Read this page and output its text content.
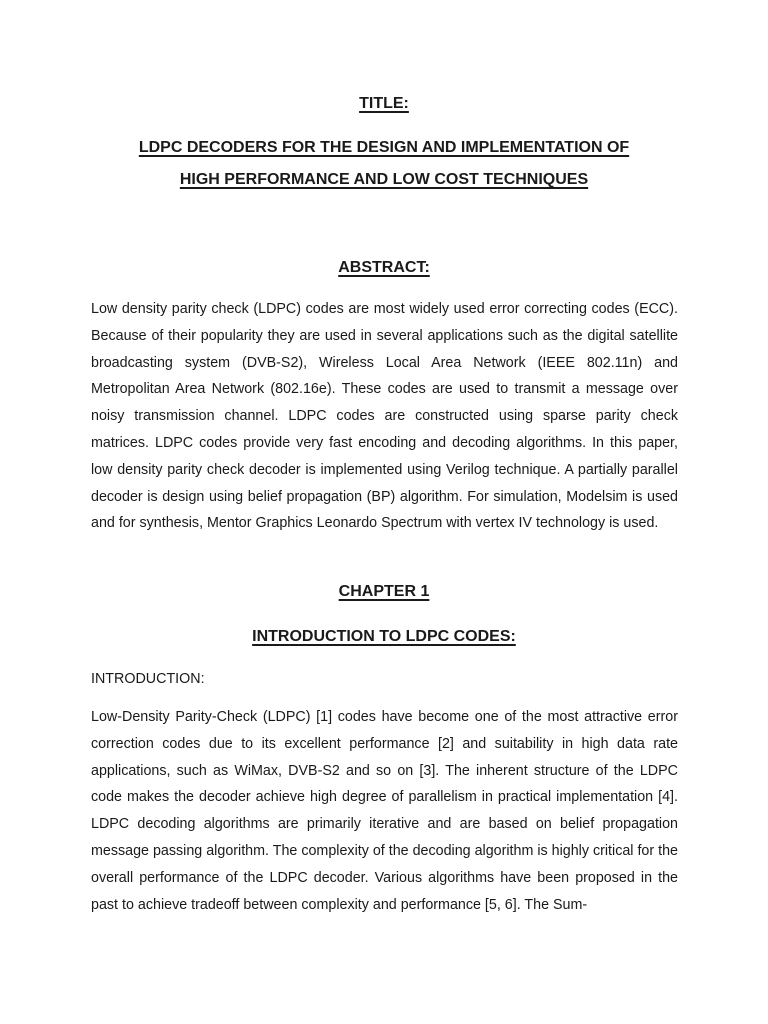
TITLE:
LDPC DECODERS FOR THE DESIGN AND IMPLEMENTATION OF
HIGH PERFORMANCE AND LOW COST TECHNIQUES
ABSTRACT:

Low density parity check (LDPC) codes are most widely used error correcting codes (ECC). Because of their popularity they are used in several applications such as the digital satellite broadcasting system (DVB-S2), Wireless Local Area Network (IEEE 802.11n) and Metropolitan Area Network (802.16e). These codes are used to transmit a message over noisy transmission channel. LDPC codes are constructed using sparse parity check matrices. LDPC codes provide very fast encoding and decoding algorithms. In this paper, low density parity check decoder is implemented using Verilog technique. A partially parallel decoder is design using belief propagation (BP) algorithm. For simulation, Modelsim is used and for synthesis, Mentor Graphics Leonardo Spectrum with vertex IV technology is used.

CHAPTER 1
INTRODUCTION TO LDPC CODES:
INTRODUCTION:

Low-Density Parity-Check (LDPC) [1] codes have become one of the most attractive error correction codes due to its excellent performance [2] and suitability in high data rate applications, such as WiMax, DVB-S2 and so on [3]. The inherent structure of the LDPC code makes the decoder achieve high degree of parallelism in practical implementation [4]. LDPC decoding algorithms are primarily iterative and are based on belief propagation message passing algorithm. The complexity of the decoding algorithm is highly critical for the overall performance of the LDPC decoder. Various algorithms have been proposed in the past to achieve tradeoff between complexity and performance [5, 6]. The Sum-
